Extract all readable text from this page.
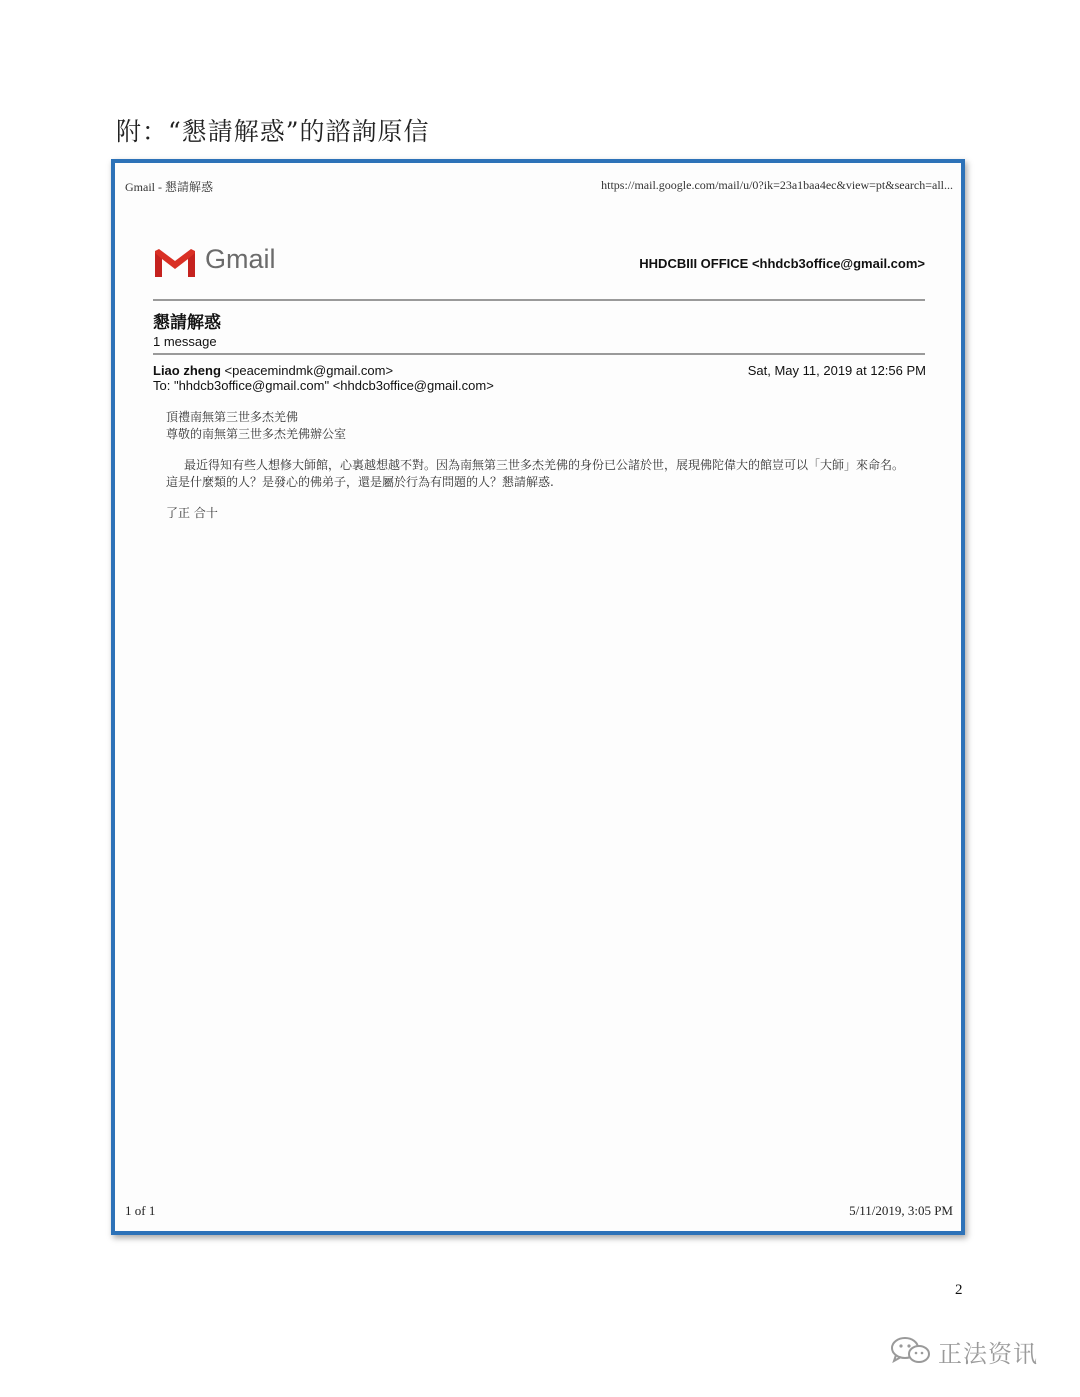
附：“懇請解惑”的諮詢原信
Gmail - 懇請解惑	https://mail.google.com/mail/u/0?ik=23a1baa4ec&view=pt&search=all...
Gmail	HHDCBIII OFFICE <hhdcb3office@gmail.com>
懇請解惑
1 message
Liao zheng <peacemindmk@gmail.com>	Sat, May 11, 2019 at 12:56 PM
To: "hhdcb3office@gmail.com" <hhdcb3office@gmail.com>
頂禮南無第三世多杰羌佛
尊敬的南無第三世多杰羌佛辦公室
最近得知有些人想修大師館，心裏越想越不對。因為南無第三世多杰羌佛的身份已公諸於世，展現佛陀偉大的館豈可以「大師」來命名。這是什麼類的人？是發心的佛弟子，還是屬於行為有問題的人？懇請解惑.
了正 合十
1 of 1	5/11/2019, 3:05 PM
2
正法资讯
